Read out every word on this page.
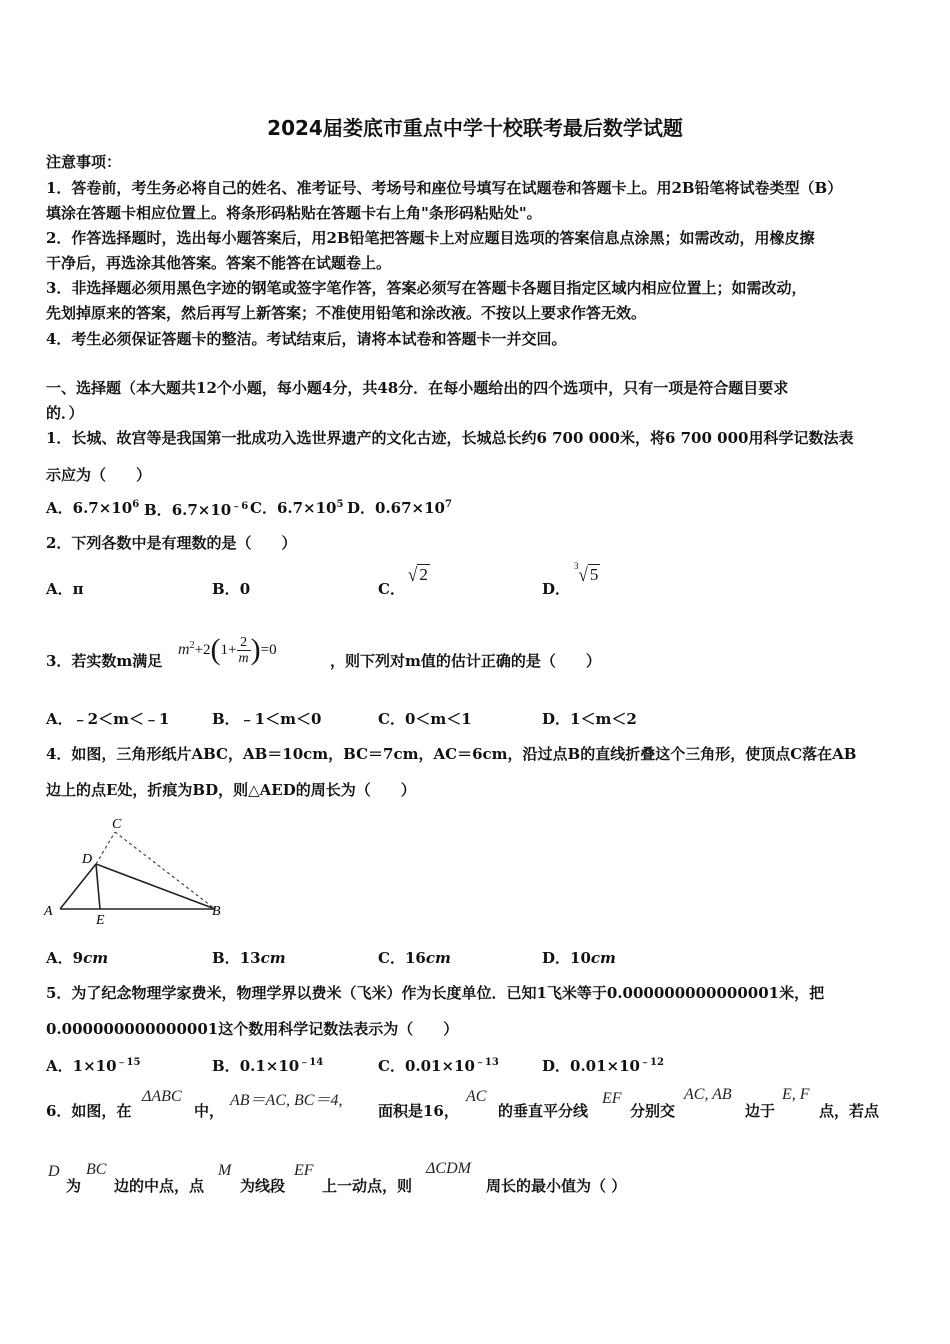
2024届娄底市重点中学十校联考最后数学试题
注意事项：
1．答卷前，考生务必将自己的姓名、准考证号、考场号和座位号填写在试题卷和答题卡上。用2B铅笔将试卷类型（B）
填涂在答题卡相应位置上。将条形码粘贴在答题卡右上角"条形码粘贴处"。
2．作答选择题时，选出每小题答案后，用2B铅笔把答题卡上对应题目选项的答案信息点涂黑；如需改动，用橡皮擦
干净后，再选涂其他答案。答案不能答在试题卷上。
3．非选择题必须用黑色字迹的钢笔或签字笔作答，答案必须写在答题卡各题目指定区域内相应位置上；如需改动，
先划掉原来的答案，然后再写上新答案；不准使用铅笔和涂改液。不按以上要求作答无效。
4．考生必须保证答题卡的整洁。考试结束后，请将本试卷和答题卡一并交回。
一、选择题（本大题共12个小题，每小题4分，共48分．在每小题给出的四个选项中，只有一项是符合题目要求
的．）
1．长城、故宫等是我国第一批成功入选世界遗产的文化古迹，长城总长约6 700 000米，将6 700 000用科学记数法表
示应为（　　）
A．$6.7\times 10^6$ B．$6.7\times 10^{﹣6}$ C．$6.7\times 10^5$ D．$0.67\times 10^7$
2．下列各数中是有理数的是（　　）
A．π	B．0	C．
√ 2
D．
$^3$√ 5
3．若实数m满足
$m^2+2(1+ \frac{2}{m} )=0$
，则下列对m值的估计正确的是（　　）
A．﹣2＜m＜﹣1	B．﹣1＜m＜0	C．0＜m＜1	D．1＜m＜2
4．如图，三角形纸片ABC，AB＝10cm，BC＝7cm，AC＝6cm，沿过点B的直线折叠这个三角形，使顶点C落在AB
边上的点E处，折痕为BD，则△AED的周长为（　　）
C
D
A
E
B
A．9cm	B．13cm	C．16cm	D．10cm
5．为了纪念物理学家费米，物理学界以费米（飞米）作为长度单位．已知1飞米等于0.000000000000001米，把
0.000000000000001这个数用科学记数法表示为（　　）
A．$1\times 10^{﹣15}$	B．$0.1\times 10^{﹣14}$	C．$0.01\times 10^{﹣13}$	D．$0.01\times 10^{﹣12}$
6．如图，在
ΔABC
中，
AB＝AC, BC＝4,
面积是16，
AC
的垂直平分线
EF
分别交
AC, AB
边于
E, F
点，若点
D
为
BC
边的中点，点
M
为线段
EF
上一动点，则
ΔCDM
周长的最小值为（ ）
